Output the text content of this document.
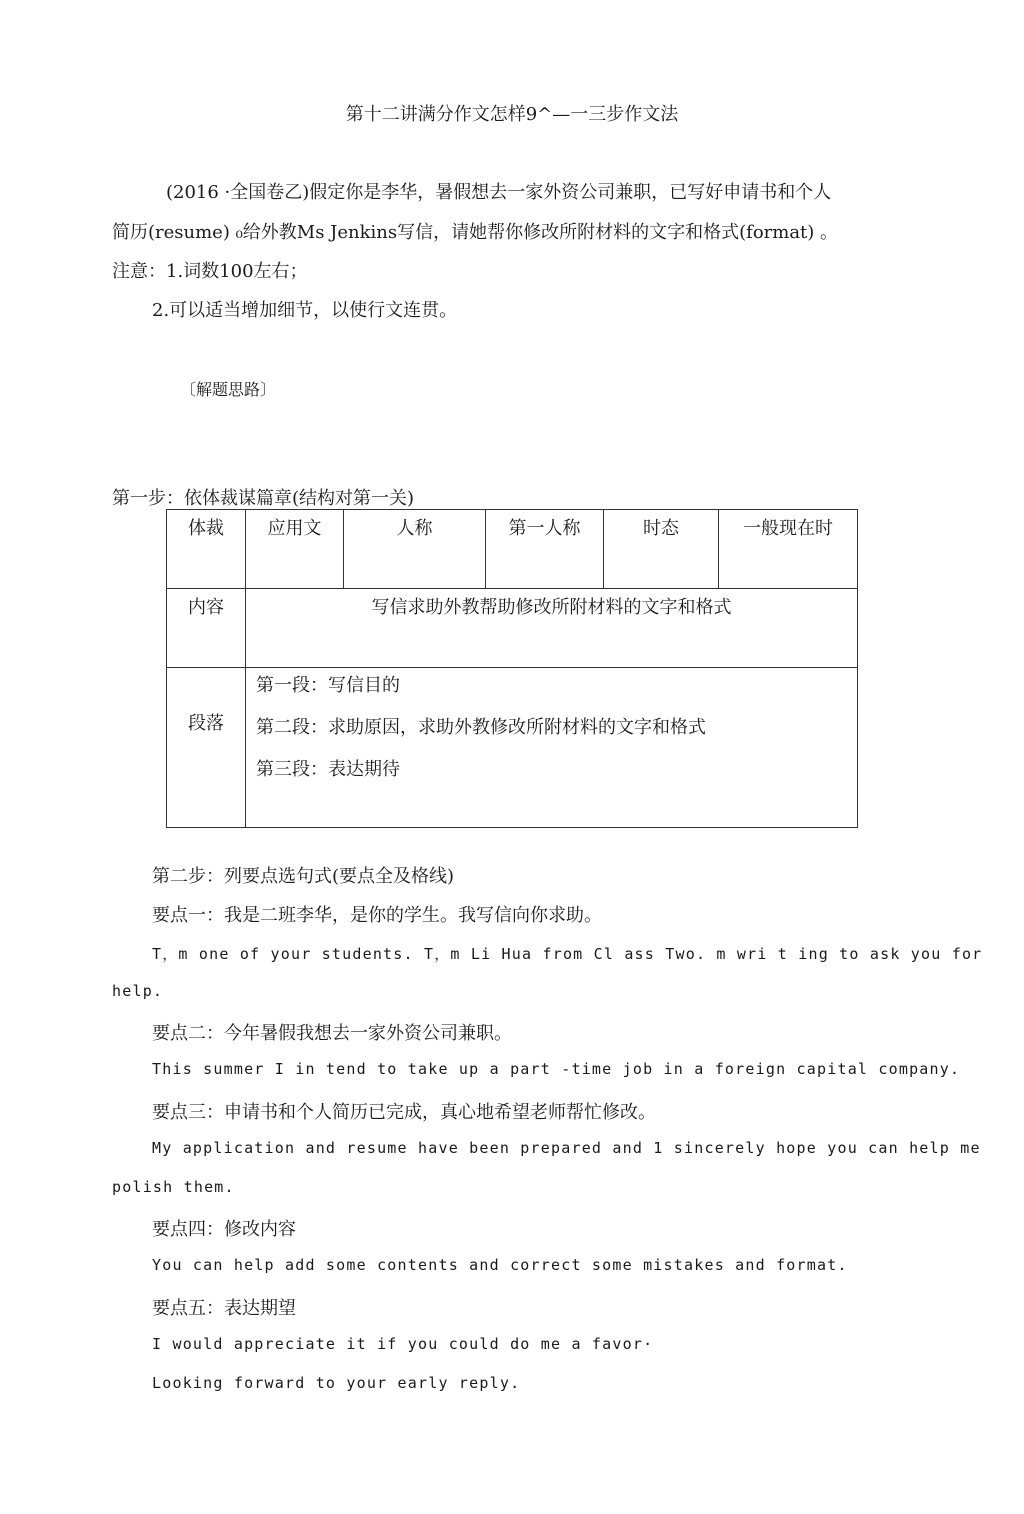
第十二讲满分作文怎样9^—一三步作文法
(2016 ·全国卷乙)假定你是李华，暑假想去一家外资公司兼职，已写好申请书和个人
简历(resume) ₀给外教Ms Jenkins写信，请她帮你修改所附材料的文字和格式(format) 。
注意：1.词数100左右；
2.可以适当增加细节，以使行文连贯。
〔解题思路〕
第一步：依体裁谋篇章(结构对第一关)
体裁	应用文	人称	第一人称	时态	一般现在时
内容	写信求助外教帮助修改所附材料的文字和格式				
段落	第一段：写信目的
第二段：求助原因，求助外教修改所附材料的文字和格式
第三段：表达期待				
第二步：列要点选句式(要点全及格线)
要点一：我是二班李华，是你的学生。我写信向你求助。
T，m one of your students. T，m Li Hua from Cl ass Two. m wri t ing to ask you for
help.
要点二：今年暑假我想去一家外资公司兼职。
This summer I in tend to take up a part -time job in a foreign capital company.
要点三：申请书和个人简历已完成，真心地希望老师帮忙修改。
My application and resume have been prepared and 1 sincerely hope you can help me
polish them.
要点四：修改内容
You can help add some contents and correct some mistakes and format.
要点五：表达期望
I would appreciate it if you could do me a favor·
Looking forward to your early reply.
